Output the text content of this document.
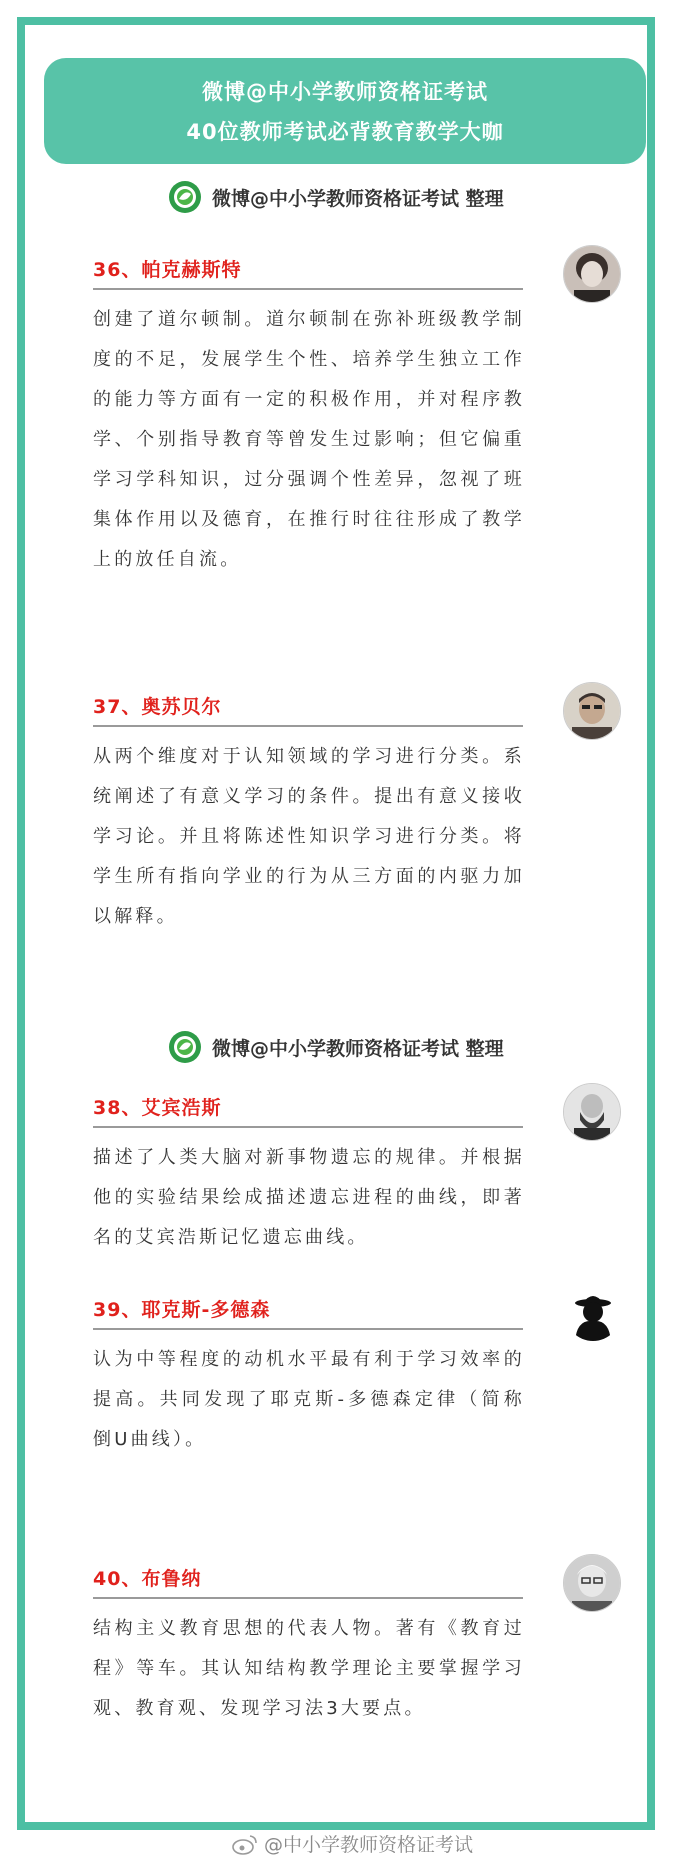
微博@中小学教师资格证考试
40位教师考试必背教育教学大咖
微博@中小学教师资格证考试 整理
36、帕克赫斯特
创建了道尔顿制。道尔顿制在弥补班级教学制度的不足，发展学生个性、培养学生独立工作的能力等方面有一定的积极作用，并对程序教学、个别指导教育等曾发生过影响；但它偏重学习学科知识，过分强调个性差异，忽视了班集体作用以及德育，在推行时往往形成了教学上的放任自流。
37、奥苏贝尔
从两个维度对于认知领域的学习进行分类。系统阐述了有意义学习的条件。提出有意义接收学习论。并且将陈述性知识学习进行分类。将学生所有指向学业的行为从三方面的内驱力加以解释。
微博@中小学教师资格证考试 整理
38、艾宾浩斯
描述了人类大脑对新事物遗忘的规律。并根据他的实验结果绘成描述遗忘进程的曲线，即著名的艾宾浩斯记忆遗忘曲线。
39、耶克斯-多德森
认为中等程度的动机水平最有利于学习效率的提高。共同发现了耶克斯-多德森定律（简称倒U曲线）。
40、布鲁纳
结构主义教育思想的代表人物。著有《教育过程》等车。其认知结构教学理论主要掌握学习观、教育观、发现学习法3大要点。
@中小学教师资格证考试
